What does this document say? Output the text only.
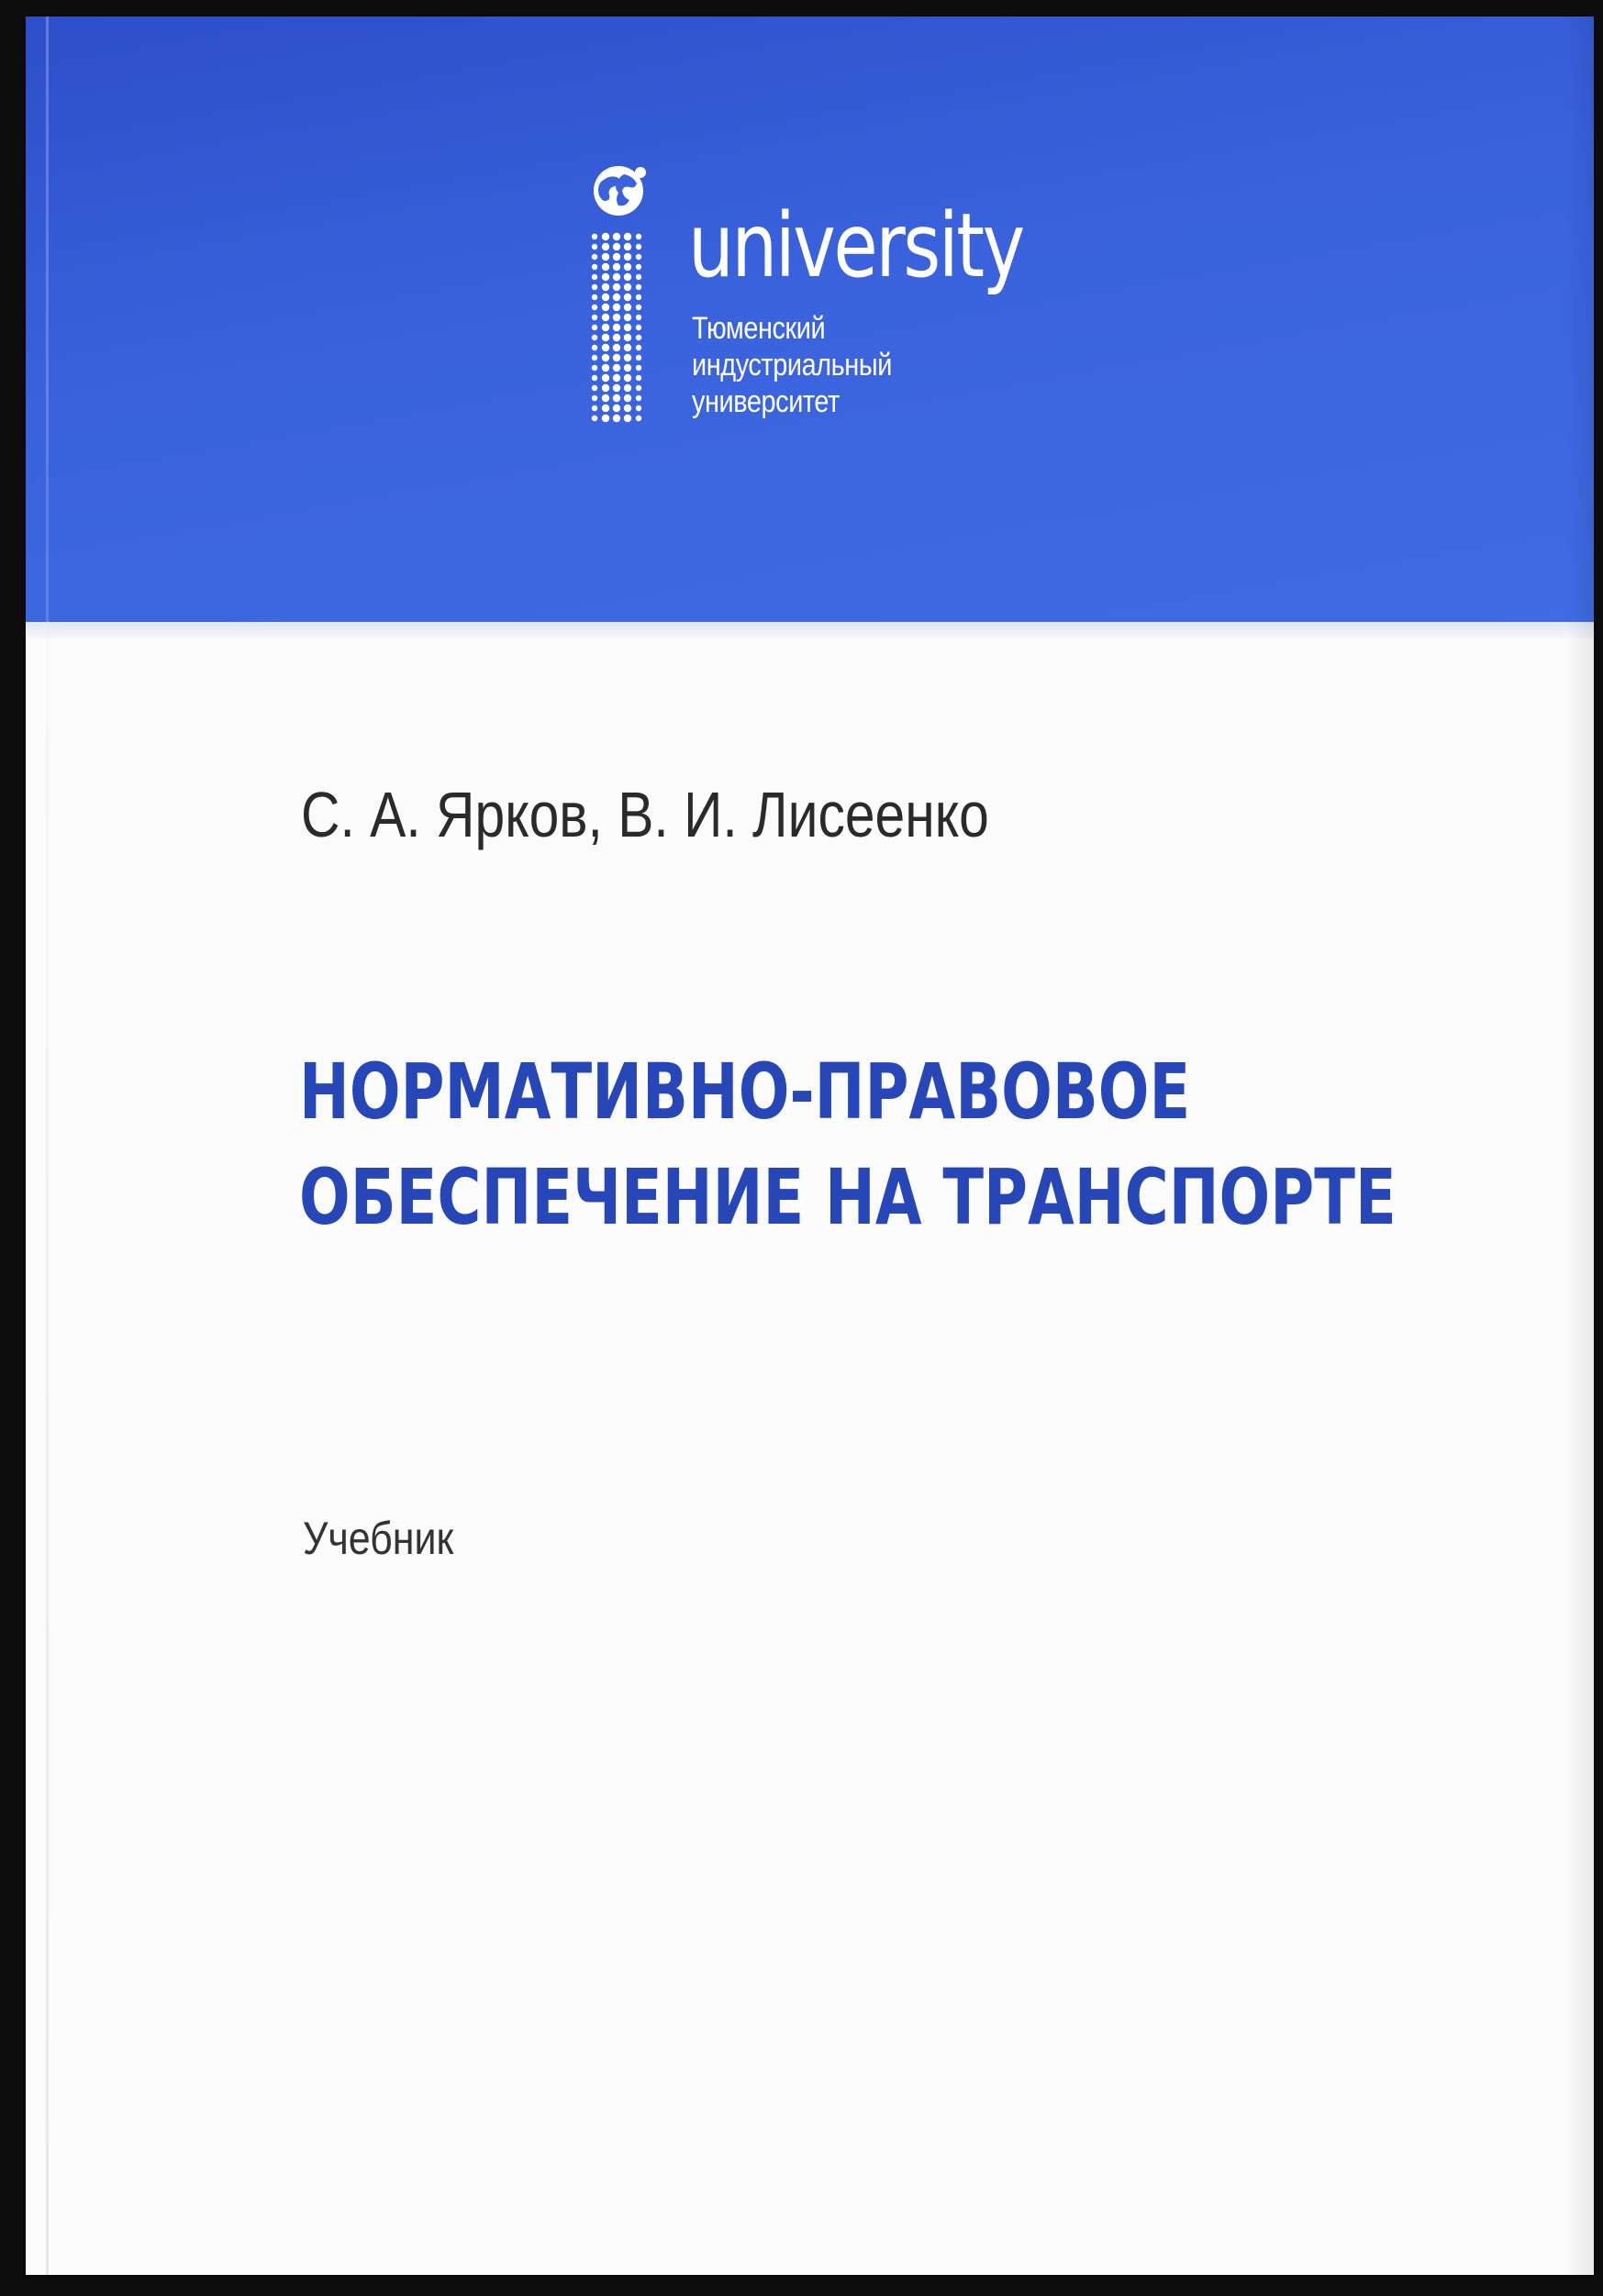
university
Тюменский
индустриальный
университет
С. А. Ярков, В. И. Лисеенко
НОРМАТИВНО-ПРАВОВОЕ
ОБЕСПЕЧЕНИЕ НА ТРАНСПОРТЕ
Учебник
